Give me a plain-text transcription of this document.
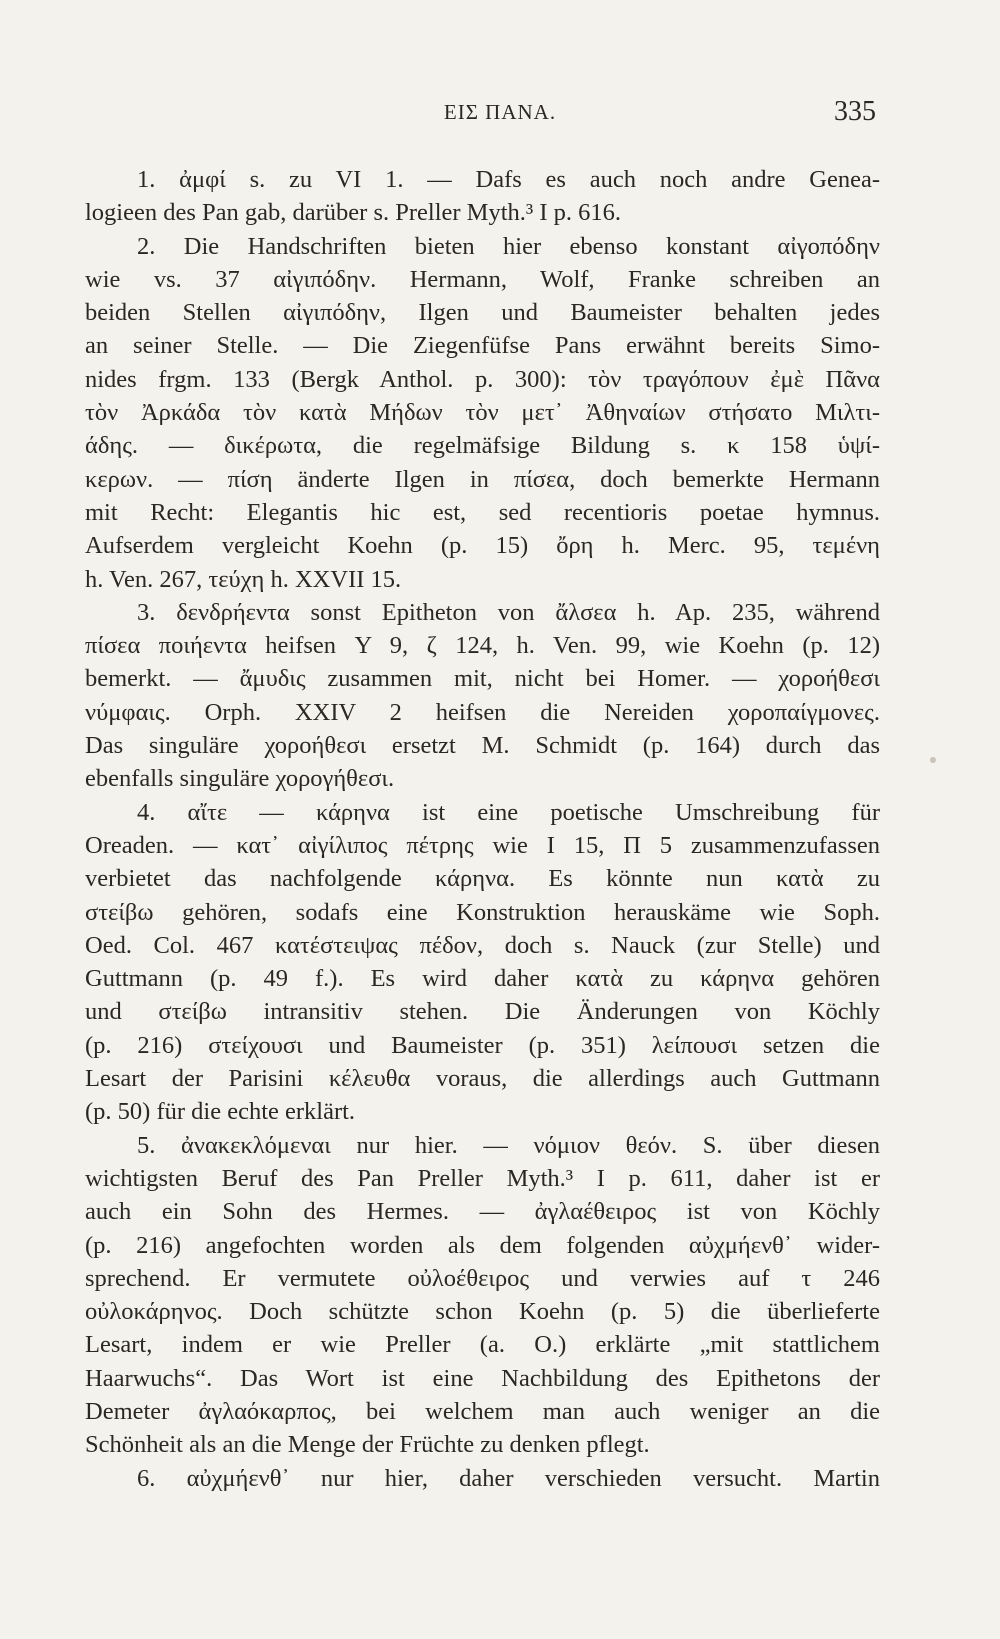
ΕΙΣ ΠΑΝΑ.	335
1. ἀμφί s. zu VI 1. — Dafs es auch noch andre Genea-
logieen des Pan gab, darüber s. Preller Myth.³ I p. 616.
2. Die Handschriften bieten hier ebenso konstant αἰγοπόδην
wie vs. 37 αἰγιπόδην. Hermann, Wolf, Franke schreiben an
beiden Stellen αἰγιπόδην, Ilgen und Baumeister behalten jedes
an seiner Stelle. — Die Ziegenfüfse Pans erwähnt bereits Simo-
nides frgm. 133 (Bergk Anthol. p. 300): τὸν τραγόπουν ἐμὲ Πᾶνα
τὸν Ἀρκάδα τὸν κατὰ Μήδων τὸν μετ᾽ Ἀθηναίων στήσατο Μιλτι-
άδης. — δικέρωτα, die regelmäfsige Bildung s. κ 158 ὑψί-
κερων. — πίση änderte Ilgen in πίσεα, doch bemerkte Hermann
mit Recht: Elegantis hic est, sed recentioris poetae hymnus.
Aufserdem vergleicht Koehn (p. 15) ὄρη h. Merc. 95, τεμένη
h. Ven. 267, τεύχη h. XXVII 15.
3. δενδρήεντα sonst Epitheton von ἄλσεα h. Ap. 235, während
πίσεα ποιήεντα heifsen Υ 9, ζ 124, h. Ven. 99, wie Koehn (p. 12)
bemerkt. — ἄμυδις zusammen mit, nicht bei Homer. — χοροήθεσι
νύμφαις. Orph. XXIV 2 heifsen die Nereiden χοροπαίγμονες.
Das singuläre χοροήθεσι ersetzt M. Schmidt (p. 164) durch das
ebenfalls singuläre χορογήθεσι.
4. αἴτε — κάρηνα ist eine poetische Umschreibung für
Oreaden. — κατ᾽ αἰγίλιπος πέτρης wie Ι 15, Π 5 zusammenzufassen
verbietet das nachfolgende κάρηνα. Es könnte nun κατὰ zu
στείβω gehören, sodafs eine Konstruktion herauskäme wie Soph.
Oed. Col. 467 κατέστειψας πέδον, doch s. Nauck (zur Stelle) und
Guttmann (p. 49 f.). Es wird daher κατὰ zu κάρηνα gehören
und στείβω intransitiv stehen. Die Änderungen von Köchly
(p. 216) στείχουσι und Baumeister (p. 351) λείπουσι setzen die
Lesart der Parisini κέλευθα voraus, die allerdings auch Guttmann
(p. 50) für die echte erklärt.
5. ἀνακεκλόμεναι nur hier. — νόμιον θεόν. S. über diesen
wichtigsten Beruf des Pan Preller Myth.³ I p. 611, daher ist er
auch ein Sohn des Hermes. — ἀγλαέθειρος ist von Köchly
(p. 216) angefochten worden als dem folgenden αὐχμήενθ᾽ wider-
sprechend. Er vermutete οὐλοέθειρος und verwies auf τ 246
οὐλοκάρηνος. Doch schützte schon Koehn (p. 5) die überlieferte
Lesart, indem er wie Preller (a. O.) erklärte „mit stattlichem
Haarwuchs“. Das Wort ist eine Nachbildung des Epithetons der
Demeter ἀγλαόκαρπος, bei welchem man auch weniger an die
Schönheit als an die Menge der Früchte zu denken pflegt.
6. αὐχμήενθ᾽ nur hier, daher verschieden versucht. Martin
